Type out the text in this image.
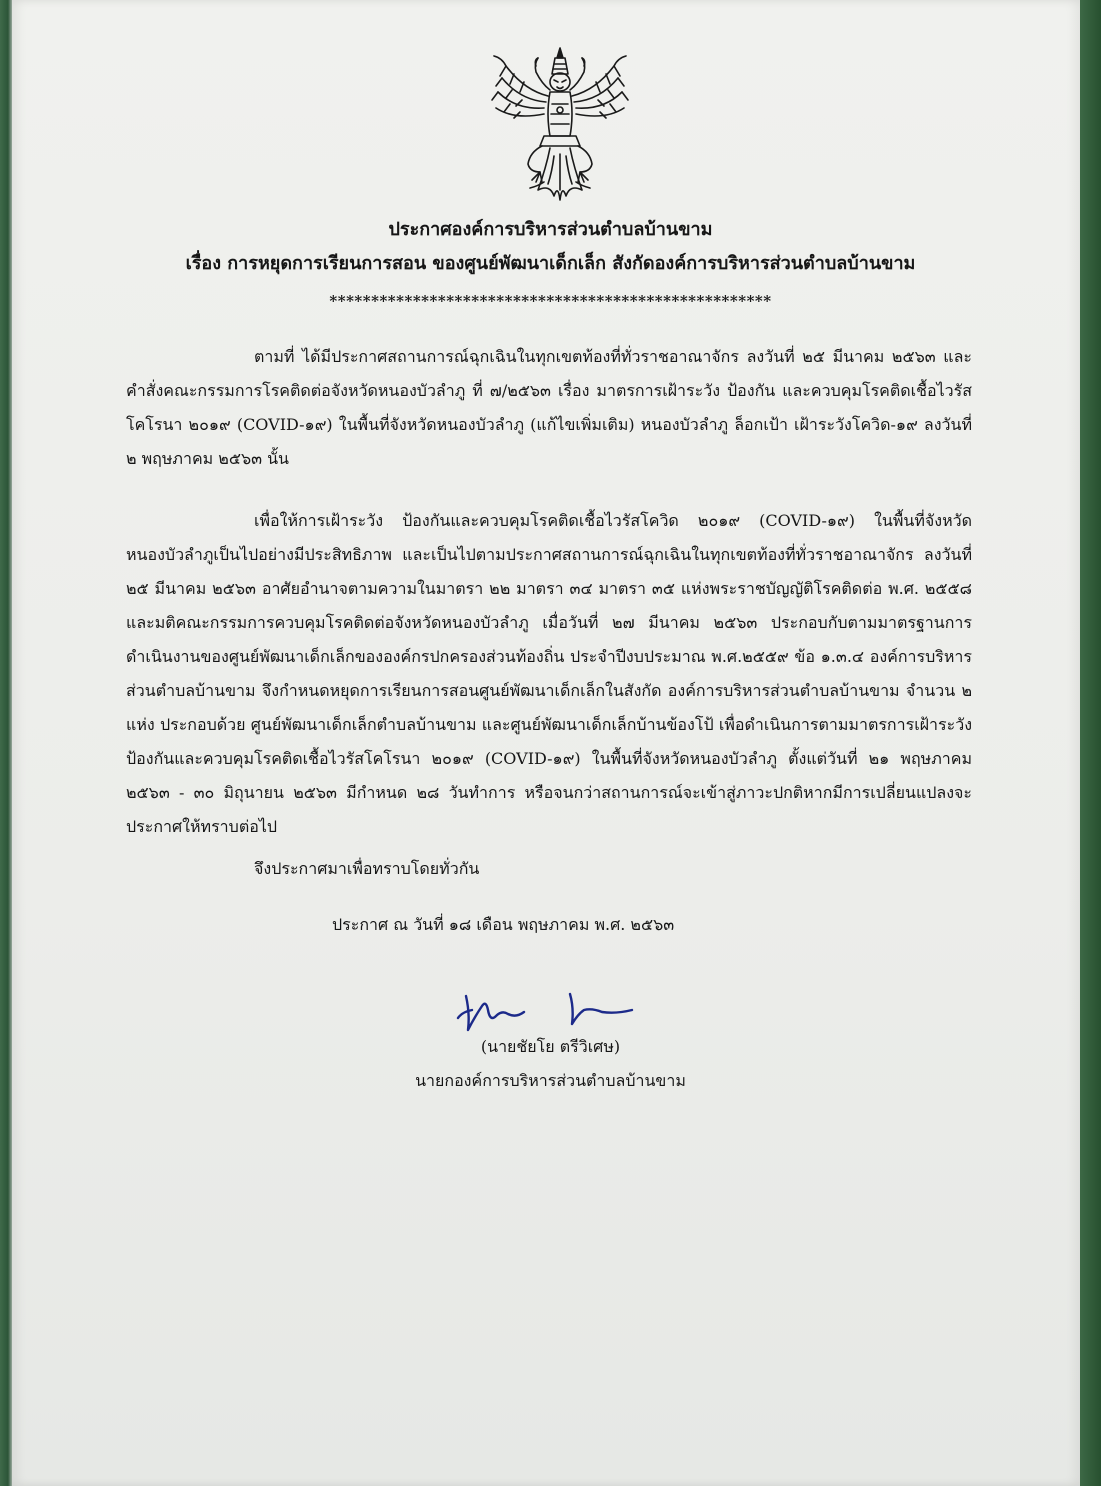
ประกาศองค์การบริหารส่วนตำบลบ้านขาม
เรื่อง การหยุดการเรียนการสอน ของศูนย์พัฒนาเด็กเล็ก สังกัดองค์การบริหารส่วนตำบลบ้านขาม
*****************************************************
ตามที่ ได้มีประกาศสถานการณ์ฉุกเฉินในทุกเขตท้องที่ทั่วราชอาณาจักร ลงวันที่ ๒๕ มีนาคม ๒๕๖๓ และคำสั่งคณะกรรมการโรคติดต่อจังหวัดหนองบัวลำภู ที่ ๗/๒๕๖๓ เรื่อง มาตรการเฝ้าระวัง ป้องกัน และควบคุมโรคติดเชื้อไวรัสโคโรนา ๒๐๑๙ (COVID-๑๙) ในพื้นที่จังหวัดหนองบัวลำภู (แก้ไขเพิ่มเติม) หนองบัวลำภู ล็อกเป้า เฝ้าระวังโควิด-๑๙ ลงวันที่ ๒ พฤษภาคม ๒๕๖๓ นั้น
เพื่อให้การเฝ้าระวัง ป้องกันและควบคุมโรคติดเชื้อไวรัสโควิด ๒๐๑๙ (COVID-๑๙) ในพื้นที่จังหวัดหนองบัวลำภูเป็นไปอย่างมีประสิทธิภาพ และเป็นไปตามประกาศสถานการณ์ฉุกเฉินในทุกเขตท้องที่ทั่วราชอาณาจักร ลงวันที่ ๒๕ มีนาคม ๒๕๖๓ อาศัยอำนาจตามความในมาตรา ๒๒ มาตรา ๓๔ มาตรา ๓๕ แห่งพระราชบัญญัติโรคติดต่อ พ.ศ. ๒๕๕๘ และมติคณะกรรมการควบคุมโรคติดต่อจังหวัดหนองบัวลำภู เมื่อวันที่ ๒๗ มีนาคม ๒๕๖๓ ประกอบกับตามมาตรฐานการดำเนินงานของศูนย์พัฒนาเด็กเล็กขององค์กรปกครองส่วนท้องถิ่น ประจำปีงบประมาณ พ.ศ.๒๕๕๙ ข้อ ๑.๓.๔ องค์การบริหารส่วนตำบลบ้านขาม จึงกำหนดหยุดการเรียนการสอนศูนย์พัฒนาเด็กเล็กในสังกัด องค์การบริหารส่วนตำบลบ้านขาม จำนวน ๒ แห่ง ประกอบด้วย ศูนย์พัฒนาเด็กเล็กตำบลบ้านขาม และศูนย์พัฒนาเด็กเล็กบ้านข้องโป้ เพื่อดำเนินการตามมาตรการเฝ้าระวัง ป้องกันและควบคุมโรคติดเชื้อไวรัสโคโรนา ๒๐๑๙ (COVID-๑๙) ในพื้นที่จังหวัดหนองบัวลำภู ตั้งแต่วันที่ ๒๑ พฤษภาคม ๒๕๖๓ - ๓๐ มิถุนายน ๒๕๖๓ มีกำหนด ๒๘ วันทำการ หรือจนกว่าสถานการณ์จะเข้าสู่ภาวะปกติหากมีการเปลี่ยนแปลงจะประกาศให้ทราบต่อไป
จึงประกาศมาเพื่อทราบโดยทั่วกัน
ประกาศ ณ วันที่ ๑๘ เดือน พฤษภาคม พ.ศ. ๒๕๖๓
(นายชัยโย ตรีวิเศษ)
นายกองค์การบริหารส่วนตำบลบ้านขาม
